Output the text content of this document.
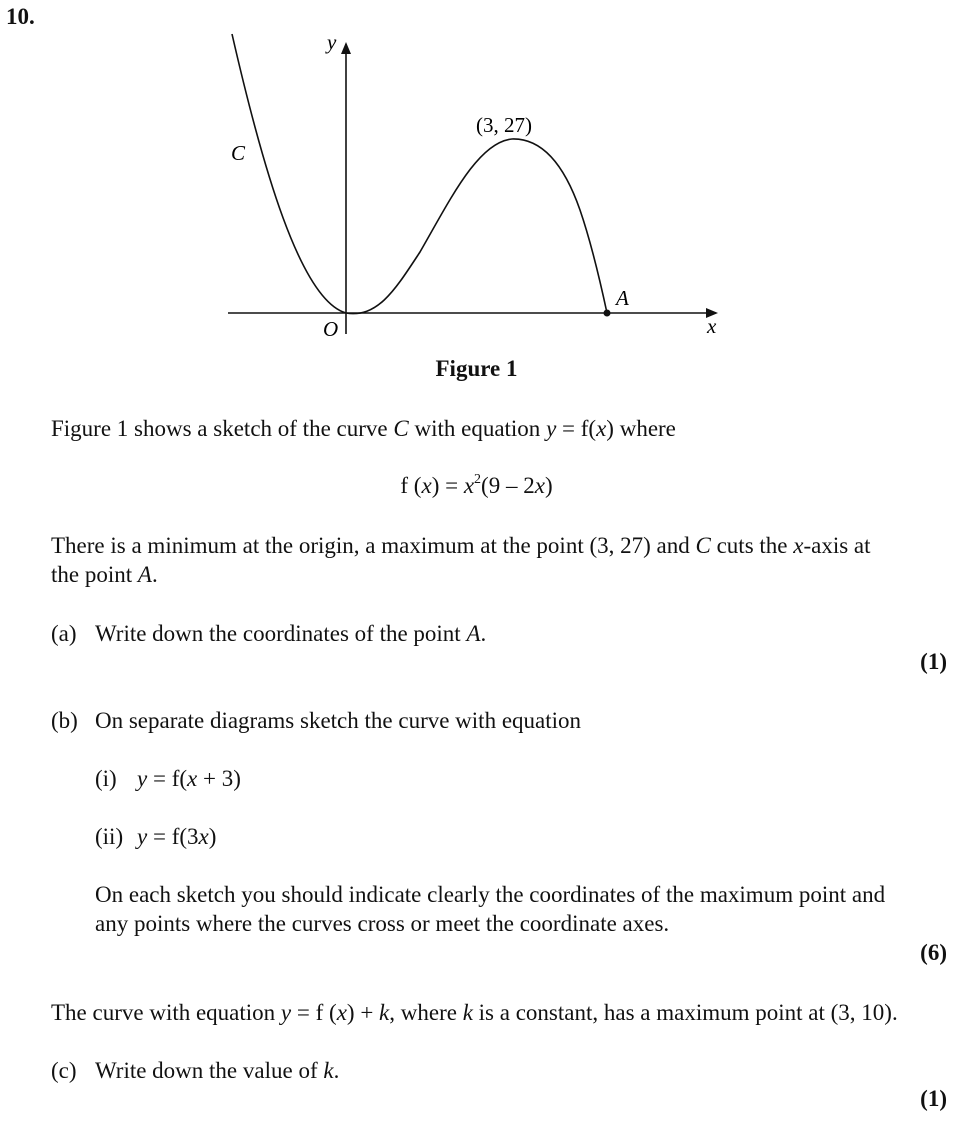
10.
y
x
O
C
(3, 27)
A
Figure 1
Figure 1 shows a sketch of the curve C with equation y = f(x) where
f $(x) = x^2(9 - 2x)$
There is a minimum at the origin, a maximum at the point (3, 27) and C cuts the x-axis at
the point A.
(a) Write down the coordinates of the point A.
(1)
(b) On separate diagrams sketch the curve with equation
(i) y = f(x + 3)
(ii) y = f(3x)
On each sketch you should indicate clearly the coordinates of the maximum point and
any points where the curves cross or meet the coordinate axes.
(6)
The curve with equation y = f (x) + k, where k is a constant, has a maximum point at (3, 10).
(c) Write down the value of k.
(1)
